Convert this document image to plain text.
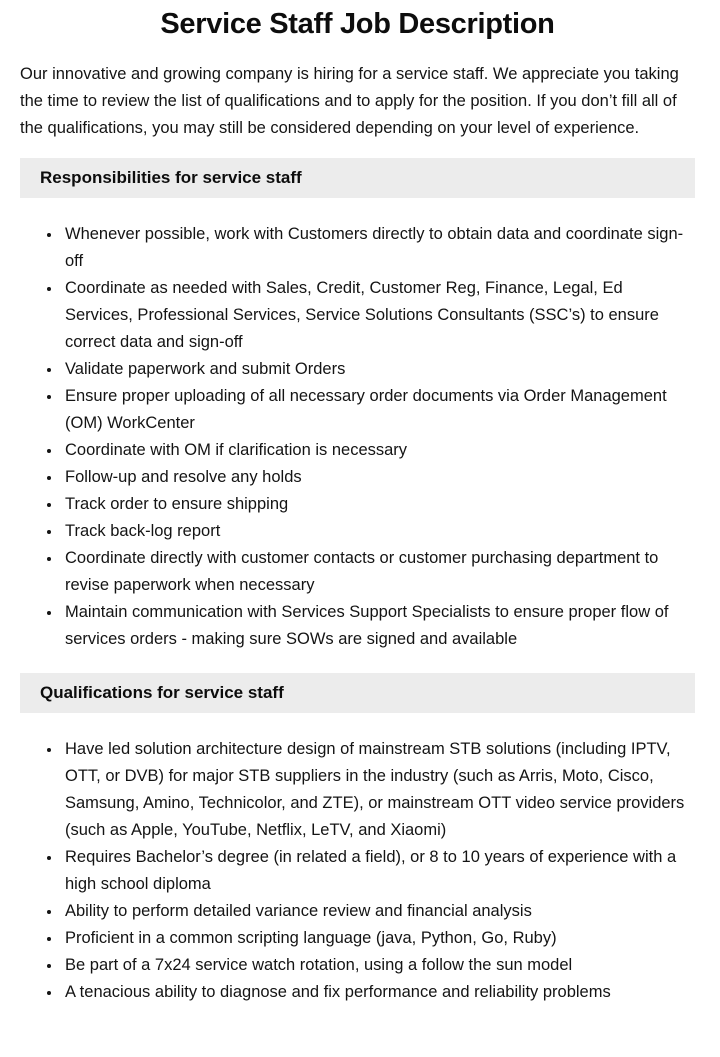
Service Staff Job Description

Our innovative and growing company is hiring for a service staff. We appreciate you taking the time to review the list of qualifications and to apply for the position. If you don’t fill all of the qualifications, you may still be considered depending on your level of experience.

Responsibilities for service staff
• Whenever possible, work with Customers directly to obtain data and coordinate sign-off
• Coordinate as needed with Sales, Credit, Customer Reg, Finance, Legal, Ed Services, Professional Services, Service Solutions Consultants (SSC’s) to ensure correct data and sign-off
• Validate paperwork and submit Orders
• Ensure proper uploading of all necessary order documents via Order Management (OM) WorkCenter
• Coordinate with OM if clarification is necessary
• Follow-up and resolve any holds
• Track order to ensure shipping
• Track back-log report
• Coordinate directly with customer contacts or customer purchasing department to revise paperwork when necessary
• Maintain communication with Services Support Specialists to ensure proper flow of services orders - making sure SOWs are signed and available
Qualifications for service staff
• Have led solution architecture design of mainstream STB solutions (including IPTV, OTT, or DVB) for major STB suppliers in the industry (such as Arris, Moto, Cisco, Samsung, Amino, Technicolor, and ZTE), or mainstream OTT video service providers (such as Apple, YouTube, Netflix, LeTV, and Xiaomi)
• Requires Bachelor’s degree (in related a field), or 8 to 10 years of experience with a high school diploma
• Ability to perform detailed variance review and financial analysis
• Proficient in a common scripting language (java, Python, Go, Ruby)
• Be part of a 7x24 service watch rotation, using a follow the sun model
• A tenacious ability to diagnose and fix performance and reliability problems
